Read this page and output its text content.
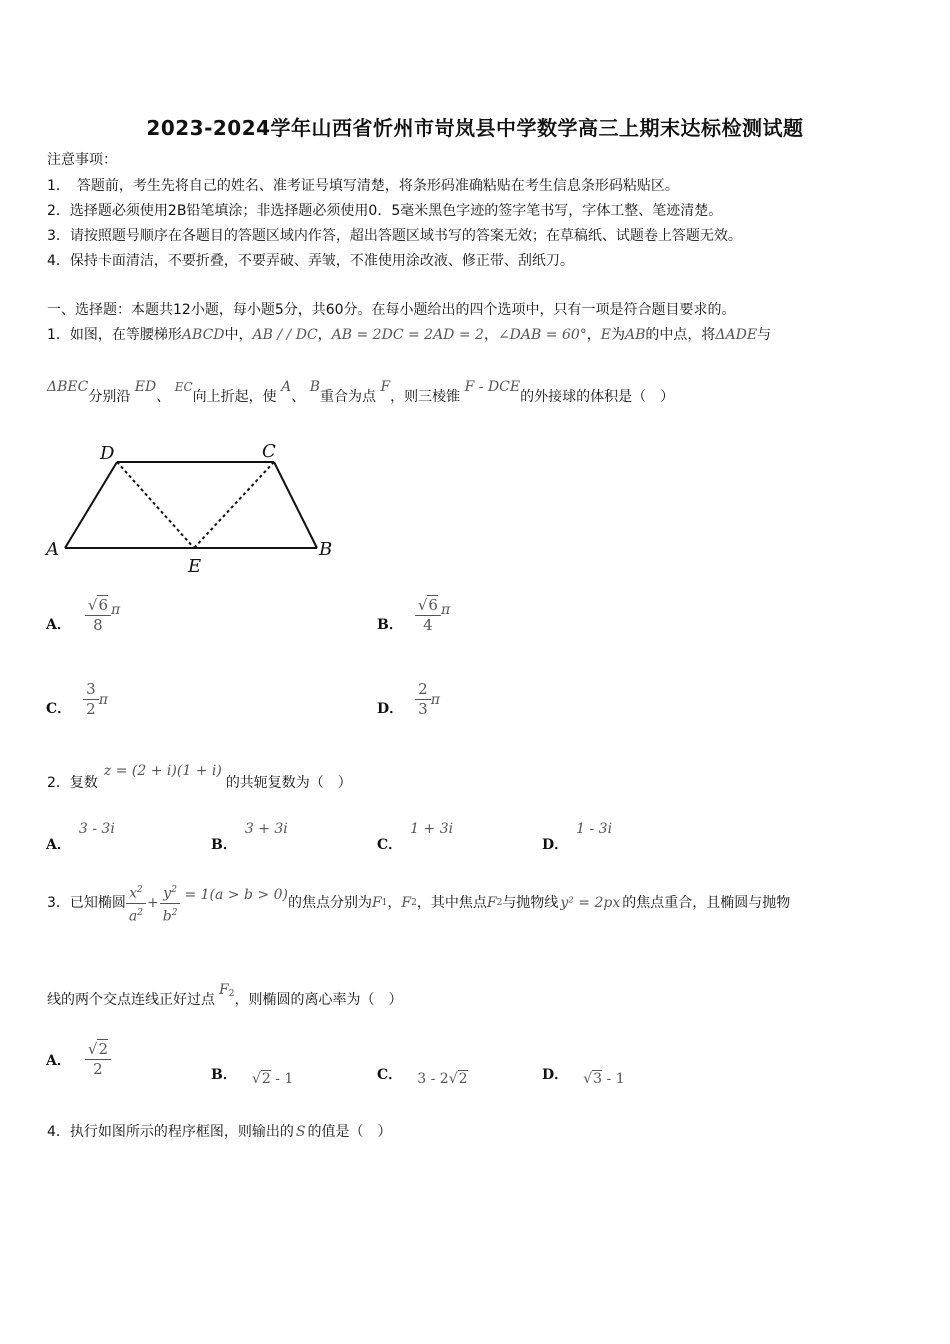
2023-2024学年山西省忻州市岢岚县中学数学高三上期末达标检测试题
注意事项：
1．　答题前，考生先将自己的姓名、准考证号填写清楚，将条形码准确粘贴在考生信息条形码粘贴区。
2．选择题必须使用2B铅笔填涂；非选择题必须使用0．5毫米黑色字迹的签字笔书写，字体工整、笔迹清楚。
3．请按照题号顺序在各题目的答题区域内作答，超出答题区域书写的答案无效；在草稿纸、试题卷上答题无效。
4．保持卡面清洁，不要折叠，不要弄破、弄皱，不准使用涂改液、修正带、刮纸刀。
一、选择题：本题共12小题，每小题5分，共60分。在每小题给出的四个选项中，只有一项是符合题目要求的。
1．如图，在等腰梯形ABCD中，AB / / DC，AB = 2DC = 2AD = 2，∠DAB = 60°，E为AB的中点，将ΔADE与
ΔBEC分别沿 ED、 EC向上折起，使 A、 B重合为点 F，则三棱锥 F - DCE的外接球的体积是（　）
D	C
A
E
B
A． $\frac{√6}{8}$ π
B． $\frac{√6}{4}$ π
C． $\frac{3}{2}$ π
D． $\frac{2}{3}$ π
2．复数z = (2 + i)(1 + i)的共轭复数为（　）
A．3 - 3i
B．3 + 3i
C．1 + 3i
D．1 - 3i
3．已知椭圆 $\frac{x^2}{a^2} + \frac{y^2}{b^2} = 1(a > b > 0)$ 的焦点分别为 F 1 ， F 2 ，其中焦点 F 2 与抛物线 y² = 2px 的焦点重合，且椭圆与抛物
线的两个交点连线正好过点$F_2$，则椭圆的离心率为（　）
A． $\frac{√2}{2}$	B． √2 - 1	C． 3 - 2√2	D． √3 - 1
4．执行如图所示的程序框图，则输出的 S 的值是（　）
